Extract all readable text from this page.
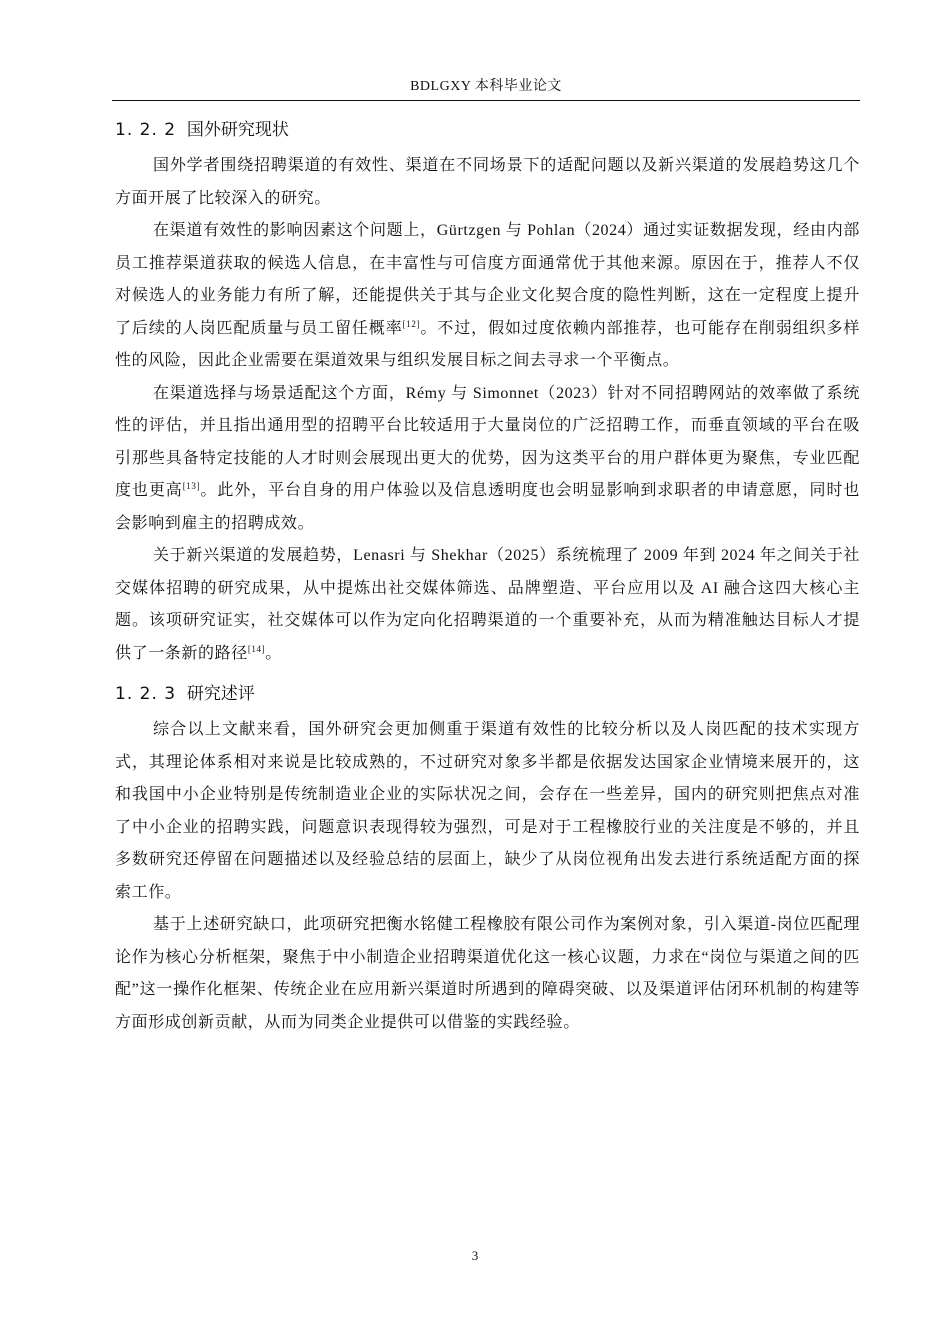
BDLGXY 本科毕业论文
1. 2. 2 国外研究现状

国外学者围绕招聘渠道的有效性、渠道在不同场景下的适配问题以及新兴渠道的发展趋势这几个方面开展了比较深入的研究。

在渠道有效性的影响因素这个问题上，Gürtzgen 与 Pohlan（2024）通过实证数据发现，经由内部员工推荐渠道获取的候选人信息，在丰富性与可信度方面通常优于其他来源。原因在于，推荐人不仅对候选人的业务能力有所了解，还能提供关于其与企业文化契合度的隐性判断，这在一定程度上提升了后续的人岗匹配质量与员工留任概率[12]。不过，假如过度依赖内部推荐，也可能存在削弱组织多样性的风险，因此企业需要在渠道效果与组织发展目标之间去寻求一个平衡点。

在渠道选择与场景适配这个方面，Rémy 与 Simonnet（2023）针对不同招聘网站的效率做了系统性的评估，并且指出通用型的招聘平台比较适用于大量岗位的广泛招聘工作，而垂直领域的平台在吸引那些具备特定技能的人才时则会展现出更大的优势，因为这类平台的用户群体更为聚焦，专业匹配度也更高[13]。此外，平台自身的用户体验以及信息透明度也会明显影响到求职者的申请意愿，同时也会影响到雇主的招聘成效。

关于新兴渠道的发展趋势，Lenasri 与 Shekhar（2025）系统梳理了 2009 年到 2024 年之间关于社交媒体招聘的研究成果，从中提炼出社交媒体筛选、品牌塑造、平台应用以及 AI 融合这四大核心主题。该项研究证实，社交媒体可以作为定向化招聘渠道的一个重要补充，从而为精准触达目标人才提供了一条新的路径[14]。

1. 2. 3 研究述评

综合以上文献来看，国外研究会更加侧重于渠道有效性的比较分析以及人岗匹配的技术实现方式，其理论体系相对来说是比较成熟的，不过研究对象多半都是依据发达国家企业情境来展开的，这和我国中小企业特别是传统制造业企业的实际状况之间，会存在一些差异，国内的研究则把焦点对准了中小企业的招聘实践，问题意识表现得较为强烈，可是对于工程橡胶行业的关注度是不够的，并且多数研究还停留在问题描述以及经验总结的层面上，缺少了从岗位视角出发去进行系统适配方面的探索工作。

基于上述研究缺口，此项研究把衡水铭健工程橡胶有限公司作为案例对象，引入渠道-岗位匹配理论作为核心分析框架，聚焦于中小制造企业招聘渠道优化这一核心议题，力求在“岗位与渠道之间的匹配”这一操作化框架、传统企业在应用新兴渠道时所遇到的障碍突破、以及渠道评估闭环机制的构建等方面形成创新贡献，从而为同类企业提供可以借鉴的实践经验。

3
